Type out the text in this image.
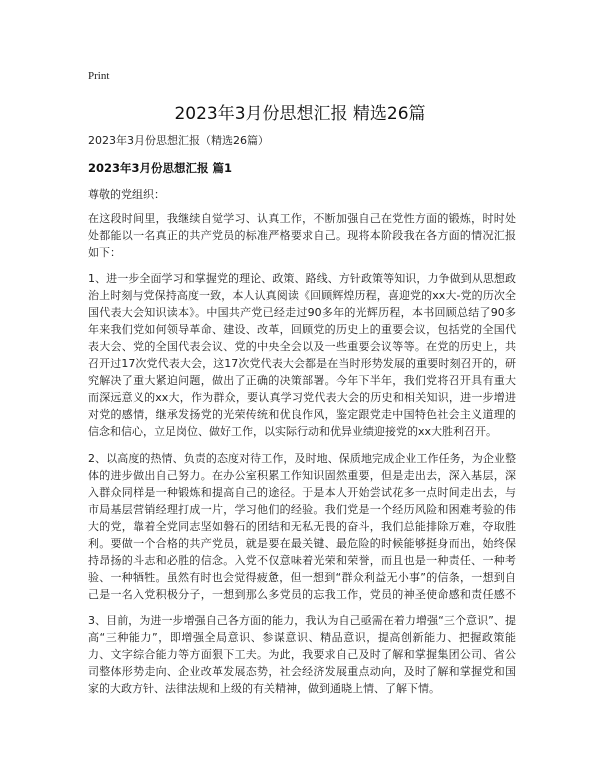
Print
2023年3月份思想汇报 精选26篇

2023年3月份思想汇报（精选26篇）

2023年3月份思想汇报 篇1

尊敬的党组织：

在这段时间里，我继续自觉学习、认真工作，不断加强自己在党性方面的锻炼，时时处处都能以一名真正的共产党员的标准严格要求自己。现将本阶段我在各方面的情况汇报如下：

1、进一步全面学习和掌握党的理论、政策、路线、方针政策等知识，力争做到从思想政治上时刻与党保持高度一致，本人认真阅读《回顾辉煌历程，喜迎党的xx大-党的历次全国代表大会知识读本》。中国共产党已经走过90多年的光辉历程，本书回顾总结了90多年来我们党如何领导革命、建设、改革，回顾党的历史上的重要会议，包括党的全国代表大会、党的全国代表会议、党的中央全会以及一些重要会议等等。在党的历史上，共召开过17次党代表大会，这17次党代表大会都是在当时形势发展的重要时刻召开的，研究解决了重大紧迫问题，做出了正确的决策部署。今年下半年，我们党将召开具有重大而深远意义的xx大，作为群众，要认真学习党代表大会的历史和相关知识，进一步增进对党的感情，继承发扬党的光荣传统和优良作风，鉴定跟党走中国特色社会主义道理的信念和信心，立足岗位、做好工作，以实际行动和优异业绩迎接党的xx大胜利召开。

2、以高度的热情、负责的态度对待工作，及时地、保质地完成企业工作任务，为企业整体的进步做出自己努力。在办公室积累工作知识固然重要，但是走出去，深入基层，深入群众同样是一种锻炼和提高自己的途径。于是本人开始尝试花多一点时间走出去，与市局基层营销经理打成一片，学习他们的经验。我们党是一个经历风险和困难考验的伟大的党，靠着全党同志坚如磐石的团结和无私无畏的奋斗，我们总能排除万难，夺取胜利。要做一个合格的共产党员，就是要在最关键、最危险的时候能够挺身而出，始终保持昂扬的斗志和必胜的信念。入党不仅意味着光荣和荣誉，而且也是一种责任、一种考验、一种牺牲。虽然有时也会觉得疲惫，但一想到“群众利益无小事”的信条，一想到自己是一名入党积极分子，一想到那么多党员的忘我工作，党员的神圣使命感和责任感不

3、目前，为进一步增强自己各方面的能力，我认为自己亟需在着力增强“三个意识”、提高“三种能力”，即增强全局意识、参谋意识、精品意识，提高创新能力、把握政策能力、文字综合能力等方面狠下工夫。为此，我要求自己及时了解和掌握集团公司、省公司整体形势走向、企业改革发展态势，社会经济发展重点动向，及时了解和掌握党和国家的大政方针、法律法规和上级的有关精神，做到通晓上情、了解下情。
